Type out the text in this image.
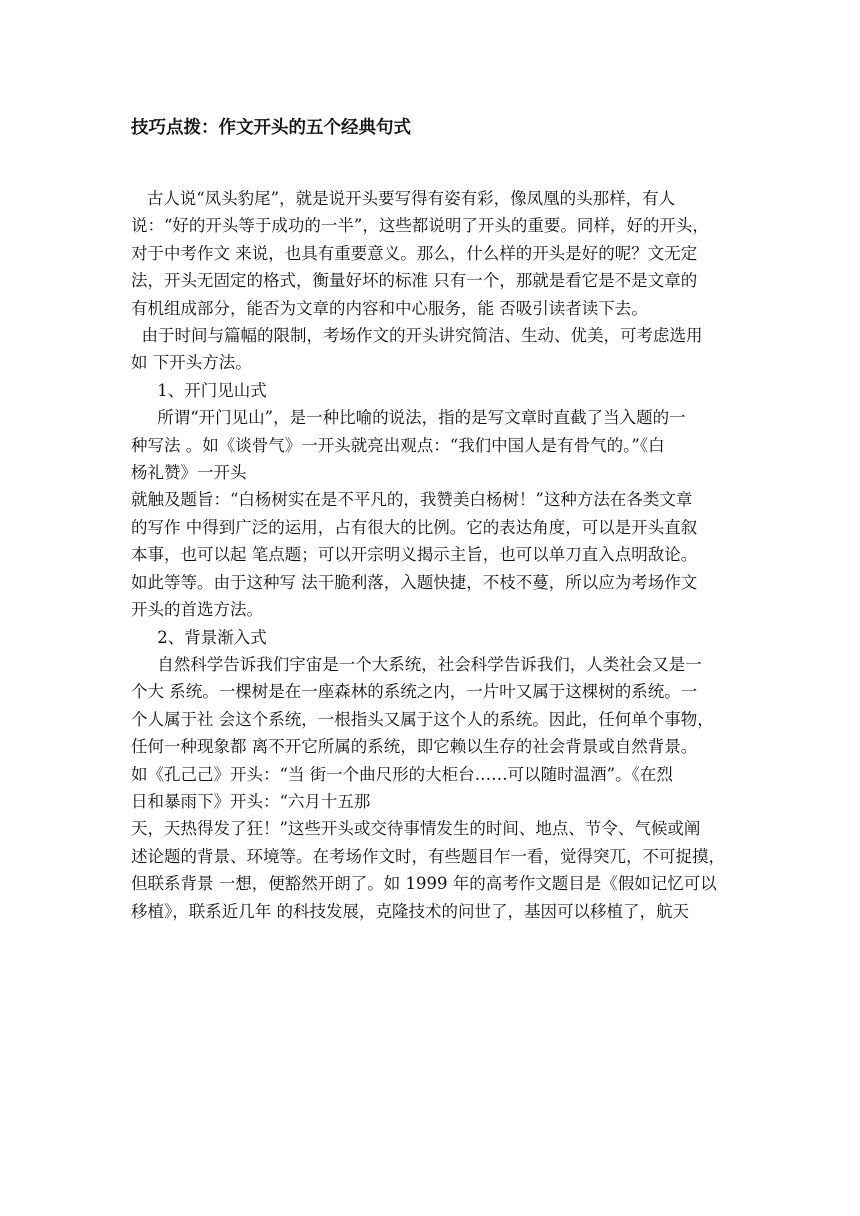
技巧点拨：作文开头的五个经典句式

古人说“凤头豹尾”，就是说开头要写得有姿有彩，像凤凰的头那样，有人

说：“好的开头等于成功的一半”，这些都说明了开头的重要。同样，好的开头，

对于中考作文 来说，也具有重要意义。那么，什么样的开头是好的呢？文无定

法，开头无固定的格式，衡量好坏的标准 只有一个，那就是看它是不是文章的

有机组成部分，能否为文章的内容和中心服务，能 否吸引读者读下去。

由于时间与篇幅的限制，考场作文的开头讲究简洁、生动、优美，可考虑选用

如 下开头方法。

1、开门见山式

所谓“开门见山”，是一种比喻的说法，指的是写文章时直截了当入题的一

种写法 。如《谈骨气》一开头就亮出观点：“我们中国人是有骨气的。”《白

杨礼赞》一开头

就触及题旨：“白杨树实在是不平凡的，我赞美白杨树！”这种方法在各类文章

的写作 中得到广泛的运用，占有很大的比例。它的表达角度，可以是开头直叙

本事，也可以起 笔点题；可以开宗明义揭示主旨，也可以单刀直入点明敌论。

如此等等。由于这种写 法干脆利落，入题快捷，不枝不蔓，所以应为考场作文

开头的首选方法。

2、背景渐入式

自然科学告诉我们宇宙是一个大系统，社会科学告诉我们，人类社会又是一

个大 系统。一棵树是在一座森林的系统之内，一片叶又属于这棵树的系统。一

个人属于社 会这个系统，一根指头又属于这个人的系统。因此，任何单个事物，

任何一种现象都 离不开它所属的系统，即它赖以生存的社会背景或自然背景。

如《孔己己》开头：“当 街一个曲尺形的大柜台……可以随时温酒”。《在烈

日和暴雨下》开头：“六月十五那

天，天热得发了狂！”这些开头或交待事情发生的时间、地点、节令、气候或阐

述论题的背景、环境等。在考场作文时，有些题目乍一看，觉得突兀，不可捉摸，

但联系背景 一想，便豁然开朗了。如 1999 年的高考作文题目是《假如记忆可以

移植》，联系近几年 的科技发展，克隆技术的问世了，基因可以移植了，航天
